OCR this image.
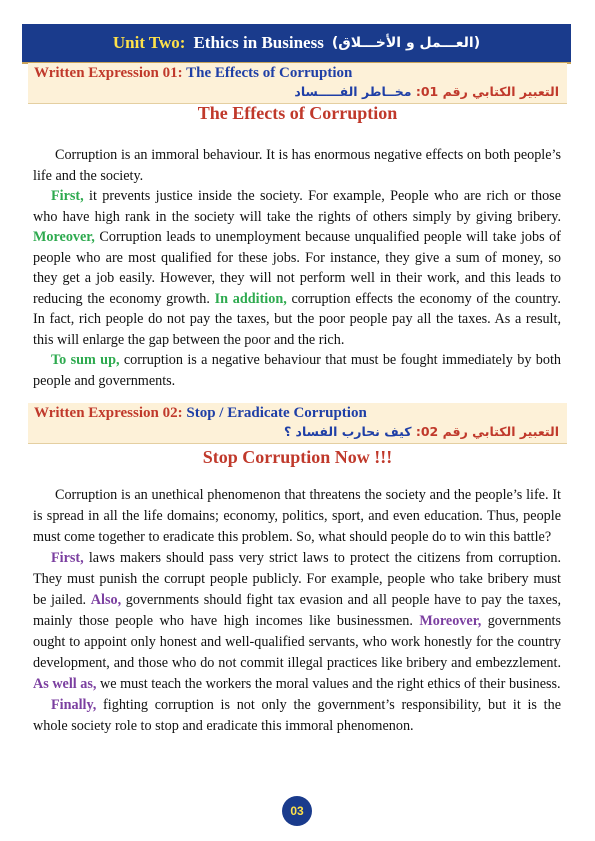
Unit Two: Ethics in Business (العـــمل و الأخـــلاق)
Written Expression 01: The Effects of Corruption
التعبير الكتابي رقم 01: مخــاطر الفـــــساد
The Effects of Corruption

Corruption is an immoral behaviour. It is has enormous negative effects on both people’s life and the society.

First, it prevents justice inside the society. For example, People who are rich or those who have high rank in the society will take the rights of others simply by giving bribery. Moreover, Corruption leads to unemployment because unqualified people will take jobs of people who are most qualified for these jobs. For instance, they give a sum of money, so they get a job easily. However, they will not perform well in their work, and this leads to reducing the economy growth. In addition, corruption effects the economy of the country. In fact, rich people do not pay the taxes, but the poor people pay all the taxes. As a result, this will enlarge the gap between the poor and the rich.

To sum up, corruption is a negative behaviour that must be fought immediately by both people and governments.

Written Expression 02: Stop / Eradicate Corruption
التعبير الكتابي رقم 02: كيف نحارب الفساد ؟
Stop Corruption Now !!!

Corruption is an unethical phenomenon that threatens the society and the people’s life. It is spread in all the life domains; economy, politics, sport, and even education. Thus, people must come together to eradicate this problem. So, what should people do to win this battle?

First, laws makers should pass very strict laws to protect the citizens from corruption. They must punish the corrupt people publicly. For example, people who take bribery must be jailed. Also, governments should fight tax evasion and all people have to pay the taxes, mainly those people who have high incomes like businessmen. Moreover, governments ought to appoint only honest and well-qualified servants, who work honestly for the country development, and those who do not commit illegal practices like bribery and embezzlement. As well as, we must teach the workers the moral values and the right ethics of their business.

Finally, fighting corruption is not only the government’s responsibility, but it is the whole society role to stop and eradicate this immoral phenomenon.

03
